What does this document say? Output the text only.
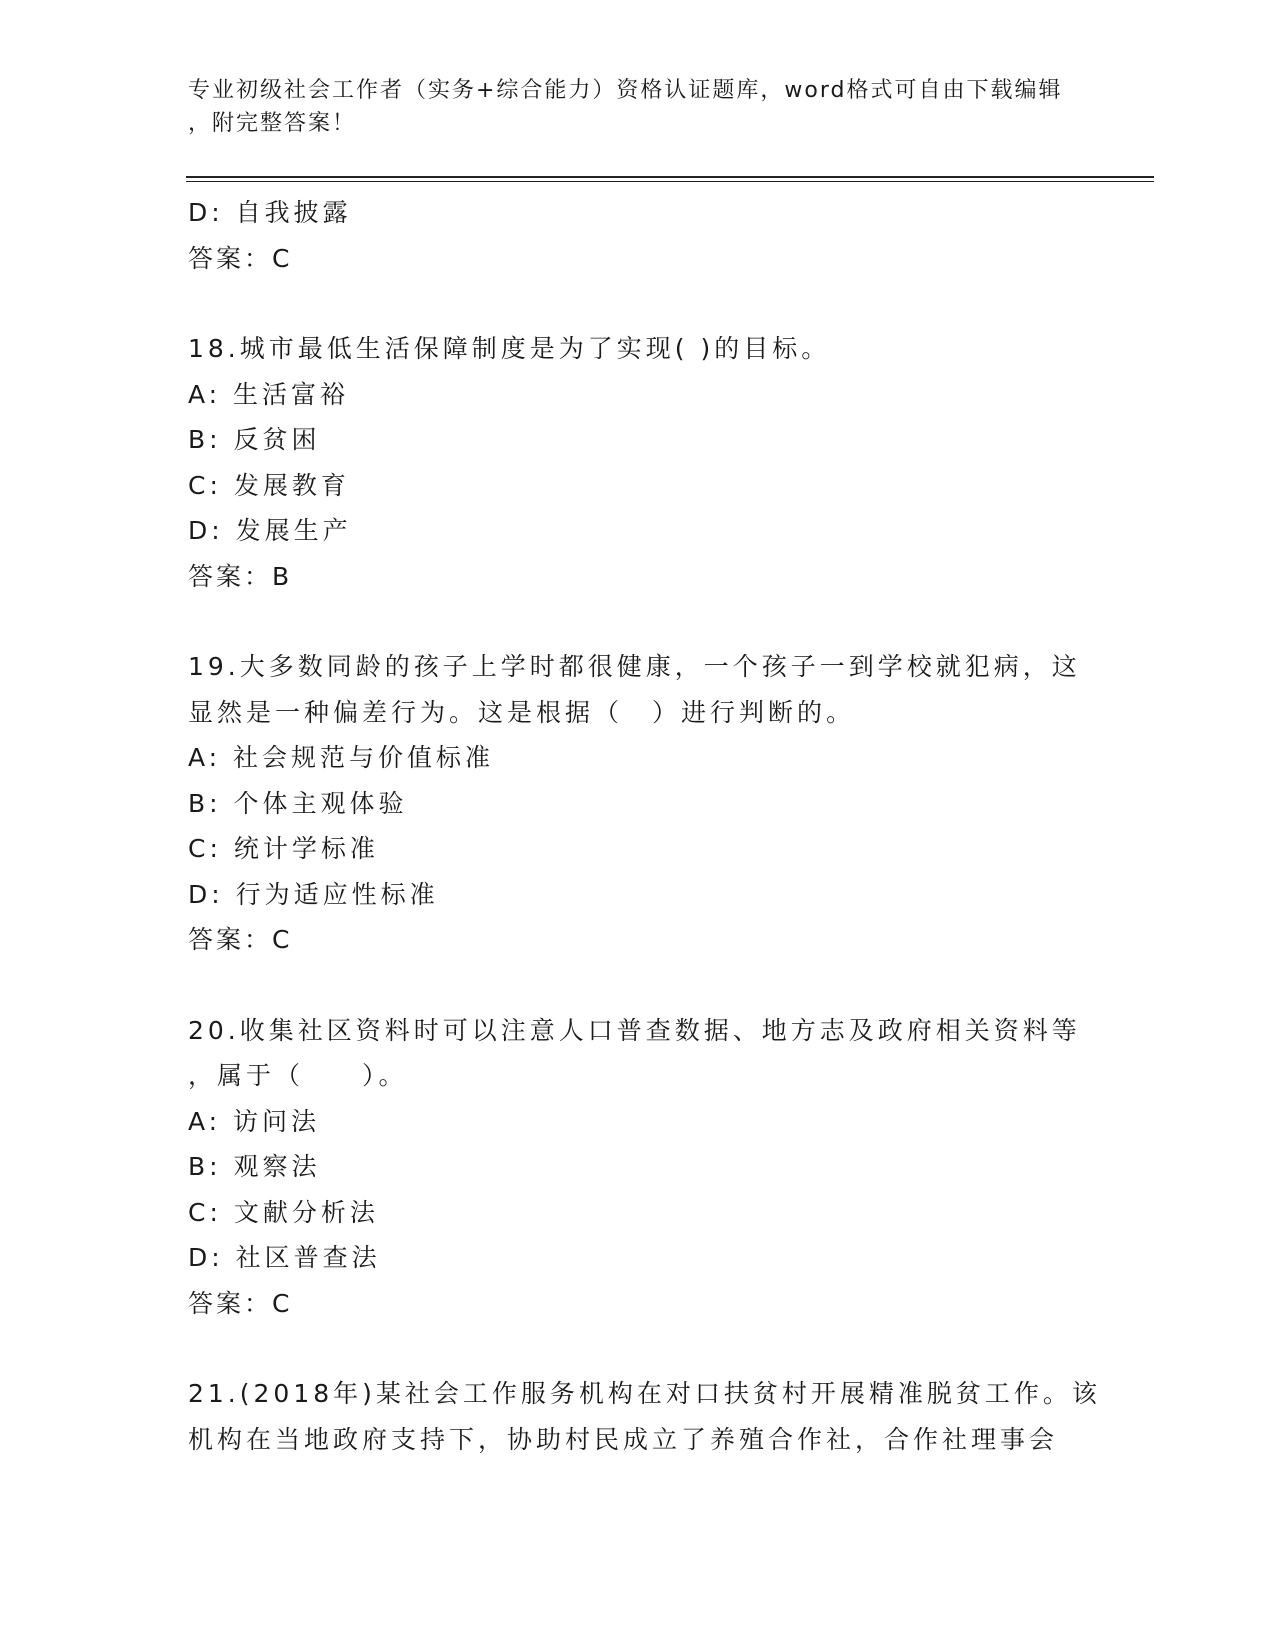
专业初级社会工作者（实务+综合能力）资格认证题库，word格式可自由下载编辑
，附完整答案！
D: 自我披露
答案：C
18.城市最低生活保障制度是为了实现( )的目标。
A: 生活富裕
B: 反贫困
C: 发展教育
D: 发展生产
答案：B
19.大多数同龄的孩子上学时都很健康，一个孩子一到学校就犯病，这
显然是一种偏差行为。这是根据（　）进行判断的。
A: 社会规范与价值标准
B: 个体主观体验
C: 统计学标准
D: 行为适应性标准
答案：C
20.收集社区资料时可以注意人口普查数据、地方志及政府相关资料等
，属于（　　）。
A: 访问法
B: 观察法
C: 文献分析法
D: 社区普查法
答案：C
21.(2018年)某社会工作服务机构在对口扶贫村开展精准脱贫工作。该
机构在当地政府支持下，协助村民成立了养殖合作社，合作社理事会
